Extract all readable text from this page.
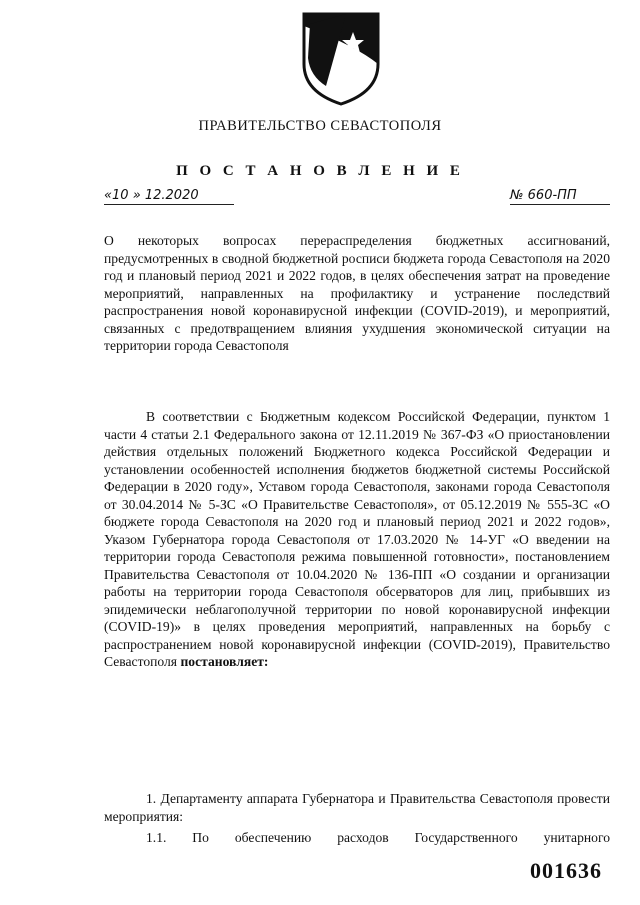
ПРАВИТЕЛЬСТВО СЕВАСТОПОЛЯ
П О С Т А Н О В Л Е Н И Е
«10 » 12.2020	№ 660-ПП
О некоторых вопросах перераспределения бюджетных ассигнований, предусмотренных в сводной бюджетной росписи бюджета города Севастополя на 2020 год и плановый период 2021 и 2022 годов, в целях обеспечения затрат на проведение мероприятий, направленных на профилактику и устранение последствий распространения новой коронавирусной инфекции (COVID-2019), и мероприятий, связанных с предотвращением влияния ухудшения экономической ситуации на территории города Севастополя
В соответствии с Бюджетным кодексом Российской Федерации, пунктом 1 части 4 статьи 2.1 Федерального закона от 12.11.2019 № 367-ФЗ «О приостановлении действия отдельных положений Бюджетного кодекса Российской Федерации и установлении особенностей исполнения бюджетов бюджетной системы Российской Федерации в 2020 году», Уставом города Севастополя, законами города Севастополя от 30.04.2014 № 5-ЗС «О Правительстве Севастополя», от 05.12.2019 № 555-ЗС «О бюджете города Севастополя на 2020 год и плановый период 2021 и 2022 годов», Указом Губернатора города Севастополя от 17.03.2020 № 14-УГ «О введении на территории города Севастополя режима повышенной готовности», постановлением Правительства Севастополя от 10.04.2020 № 136-ПП «О создании и организации работы на территории города Севастополя обсерваторов для лиц, прибывших из эпидемически неблагополучной территории по новой коронавирусной инфекции (COVID-19)» в целях проведения мероприятий, направленных на борьбу с распространением новой коронавирусной инфекции (COVID-2019), Правительство Севастополя постановляет:
1. Департаменту аппарата Губернатора и Правительства Севастополя провести мероприятия:
1.1. По обеспечению расходов Государственного унитарного
001636
